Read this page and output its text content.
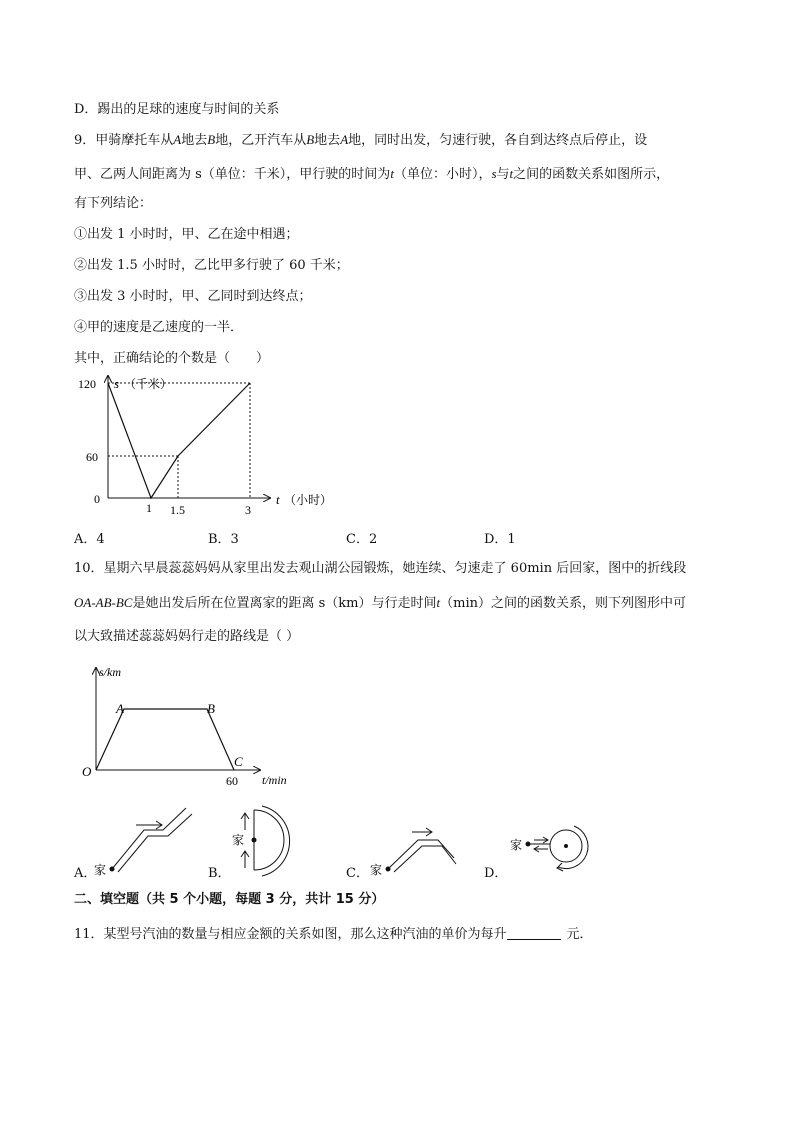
D．踢出的足球的速度与时间的关系
9．甲骑摩托车从A地去B地，乙开汽车从B地去A地，同时出发，匀速行驶，各自到达终点后停止，设
甲、乙两人间距离为 s（单位：千米），甲行驶的时间为t（单位：小时），s与t之间的函数关系如图所示，
有下列结论：
①出发 1 小时时，甲、乙在途中相遇；
②出发 1.5 小时时，乙比甲多行驶了 60 千米；
③出发 3 小时时，甲、乙同时到达终点；
④甲的速度是乙速度的一半．
其中，正确结论的个数是（　　）
s （千米）
120
60
0
1 1.5	3
t （小时）
A．4	B．3	C．2	D．1
10．星期六早晨蕊蕊妈妈从家里出发去观山湖公园锻炼，她连续、匀速走了 60min 后回家，图中的折线段
OA-AB-BC是她出发后所在位置离家的距离 s（km）与行走时间t（min）之间的函数关系，则下列图形中可
以大致描述蕊蕊妈妈行走的路线是（ ）
s/km
A	B
O
C
60 t/min
A．
家	B．
家
C． 家	D．
家
二、填空题（共 5 个小题，每题 3 分，共计 15 分）
11．某型号汽油的数量与相应金额的关系如图，那么这种汽油的单价为每升	元．
